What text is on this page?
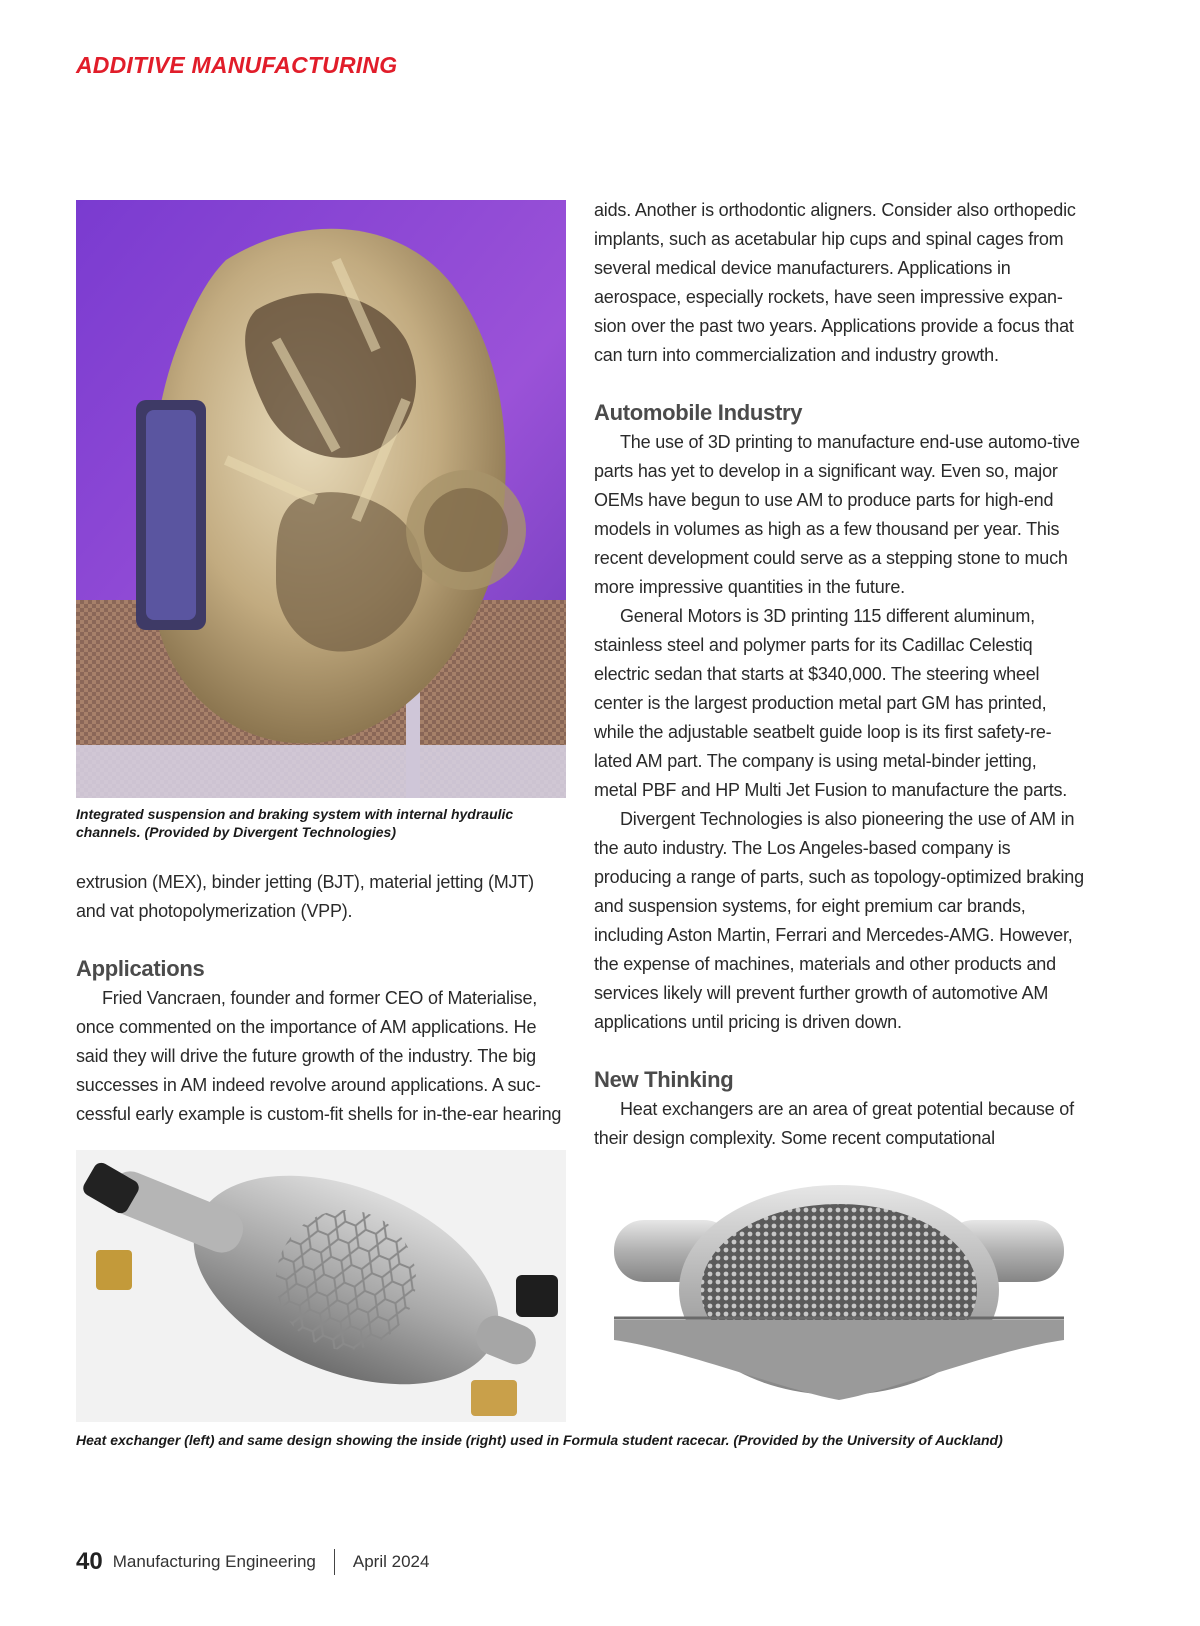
ADDITIVE MANUFACTURING
Integrated suspension and braking system with internal hydraulic channels. (Provided by Divergent Technologies)

extrusion (MEX), binder jetting (BJT), material jetting (MJT) and vat photopolymerization (VPP).

Applications

Fried Vancraen, founder and former CEO of Materialise, once commented on the importance of AM applications. He said they will drive the future growth of the industry. The big successes in AM indeed revolve around applications. A suc-cessful early example is custom-fit shells for in-the-ear hearing

aids. Another is orthodontic aligners. Consider also orthopedic implants, such as acetabular hip cups and spinal cages from several medical device manufacturers. Applications in aerospace, especially rockets, have seen impressive expan-sion over the past two years. Applications provide a focus that can turn into commercialization and industry growth.

Automobile Industry

The use of 3D printing to manufacture end-use automo-tive parts has yet to develop in a significant way. Even so, major OEMs have begun to use AM to produce parts for high-end models in volumes as high as a few thousand per year. This recent development could serve as a stepping stone to much more impressive quantities in the future.

General Motors is 3D printing 115 different aluminum, stainless steel and polymer parts for its Cadillac Celestiq electric sedan that starts at $340,000. The steering wheel center is the largest production metal part GM has printed, while the adjustable seatbelt guide loop is its first safety-re-lated AM part. The company is using metal-binder jetting, metal PBF and HP Multi Jet Fusion to manufacture the parts.

Divergent Technologies is also pioneering the use of AM in the auto industry. The Los Angeles-based company is producing a range of parts, such as topology-optimized braking and suspension systems, for eight premium car brands, including Aston Martin, Ferrari and Mercedes-AMG. However, the expense of machines, materials and other products and services likely will prevent further growth of automotive AM applications until pricing is driven down.

New Thinking

Heat exchangers are an area of great potential because of their design complexity. Some recent computational

Heat exchanger (left) and same design showing the inside (right) used in Formula student racecar. (Provided by the University of Auckland)
40 Manufacturing Engineering April 2024
